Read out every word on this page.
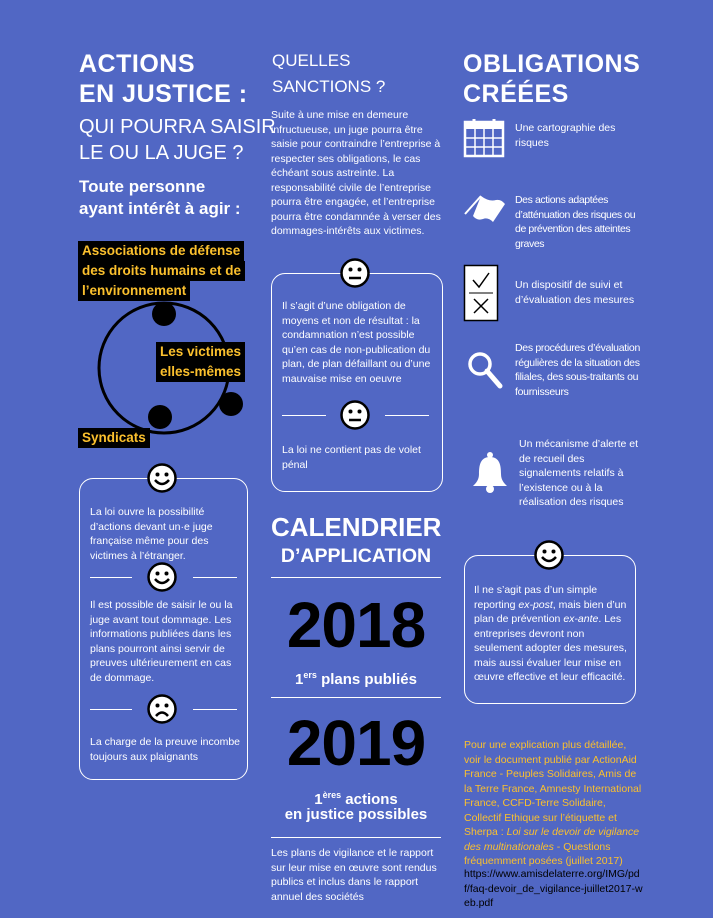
ACTIONS
EN JUSTICE :
QUI POURRA SAISIR
LE OU LA JUGE ?
Toute personne
ayant intérêt à agir :
Associations de défense
des droits humains et de
l’environnement
Les victimes
elles-mêmes
Syndicats
La loi ouvre la possibilité d’actions devant un·e juge française même pour des victimes à l’étranger.
Il est possible de saisir le ou la juge avant tout dommage. Les informations publiées dans les plans pourront ainsi servir de preuves ultérieurement en cas de dommage.
La charge de la preuve incombe toujours aux plaignants
QUELLES
SANCTIONS ?
Suite à une mise en demeure infructueuse, un juge pourra être saisie pour contraindre l’entreprise à respecter ses obligations, le cas échéant sous astreinte. La responsabilité civile de l’entreprise pourra être engagée, et l’entreprise pourra être condamnée à verser des dommages-intérêts aux victimes.
Il s’agit d’une obligation de moyens et non de résultat : la condamnation n’est possible qu’en cas de non-publication du plan, de plan défaillant ou d’une mauvaise mise en oeuvre
La loi ne contient pas de volet pénal
CALENDRIER
D’APPLICATION
2018
1ers plans publiés
2019
1ères actions
en justice possibles
Les plans de vigilance et le rapport sur leur mise en œuvre sont rendus publics et inclus dans le rapport annuel des sociétés
OBLIGATIONS
CRÉÉES
Une cartographie des risques
Des actions adaptées d’atténuation des risques ou de prévention des atteintes graves
Un dispositif de suivi et d’évaluation des mesures
Des procédures d’évaluation régulières de la situation des filiales, des sous-traitants ou fournisseurs
Un mécanisme d’alerte et de recueil des signalements relatifs à l’existence ou à la réalisation des risques
Il ne s’agit pas d’un simple reporting ex-post, mais bien d’un plan de prévention ex-ante. Les entreprises devront non seulement adopter des mesures, mais aussi évaluer leur mise en œuvre effective et leur efficacité.
Pour une explication plus détaillée, voir le document publié par ActionAid France - Peuples Solidaires, Amis de la Terre France, Amnesty International France, CCFD-Terre Solidaire, Collectif Ethique sur l’étiquette et Sherpa : Loi sur le devoir de vigilance des multinationales - Questions fréquemment posées (juillet 2017)
https://www.amisdelaterre.org/IMG/pdf/faq-devoir_de_vigilance-juillet2017-web.pdf
